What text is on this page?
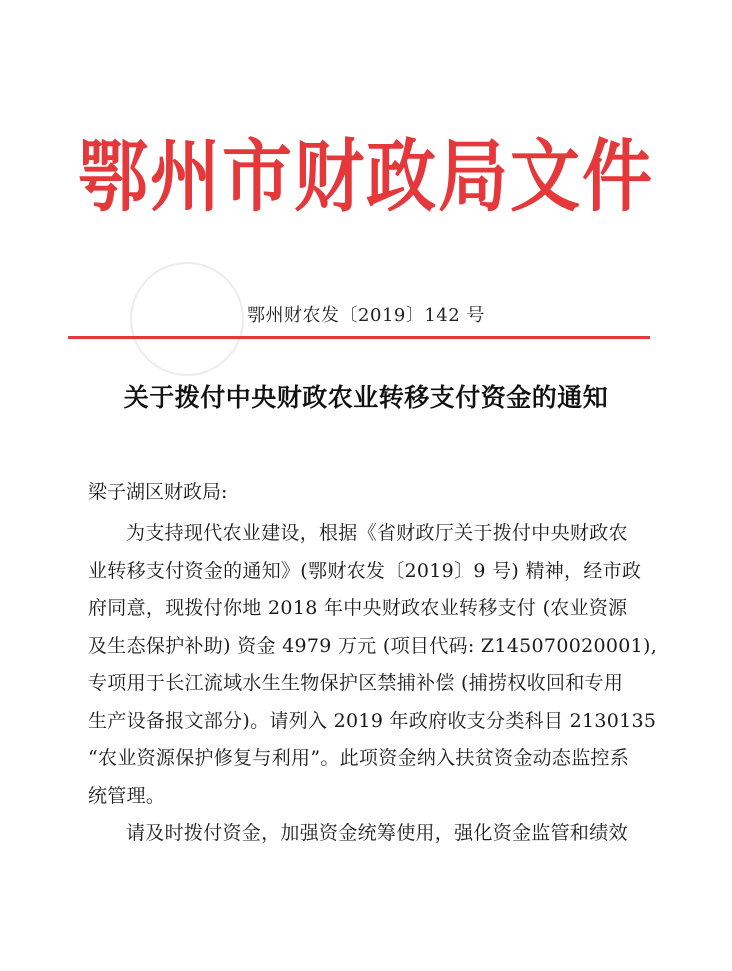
鄂州市财政局文件
鄂州财农发〔2019〕142 号
关于拨付中央财政农业转移支付资金的通知
梁子湖区财政局:
为支持现代农业建设，根据《省财政厅关于拨付中央财政农
业转移支付资金的通知》(鄂财农发〔2019〕9 号) 精神，经市政
府同意，现拨付你地 2018 年中央财政农业转移支付 (农业资源
及生态保护补助) 资金 4979 万元 (项目代码: Z145070020001),
专项用于长江流域水生生物保护区禁捕补偿 (捕捞权收回和专用
生产设备报文部分)。请列入 2019 年政府收支分类科目 2130135
“农业资源保护修复与利用”。此项资金纳入扶贫资金动态监控系
统管理。
请及时拨付资金，加强资金统筹使用，强化资金监管和绩效
